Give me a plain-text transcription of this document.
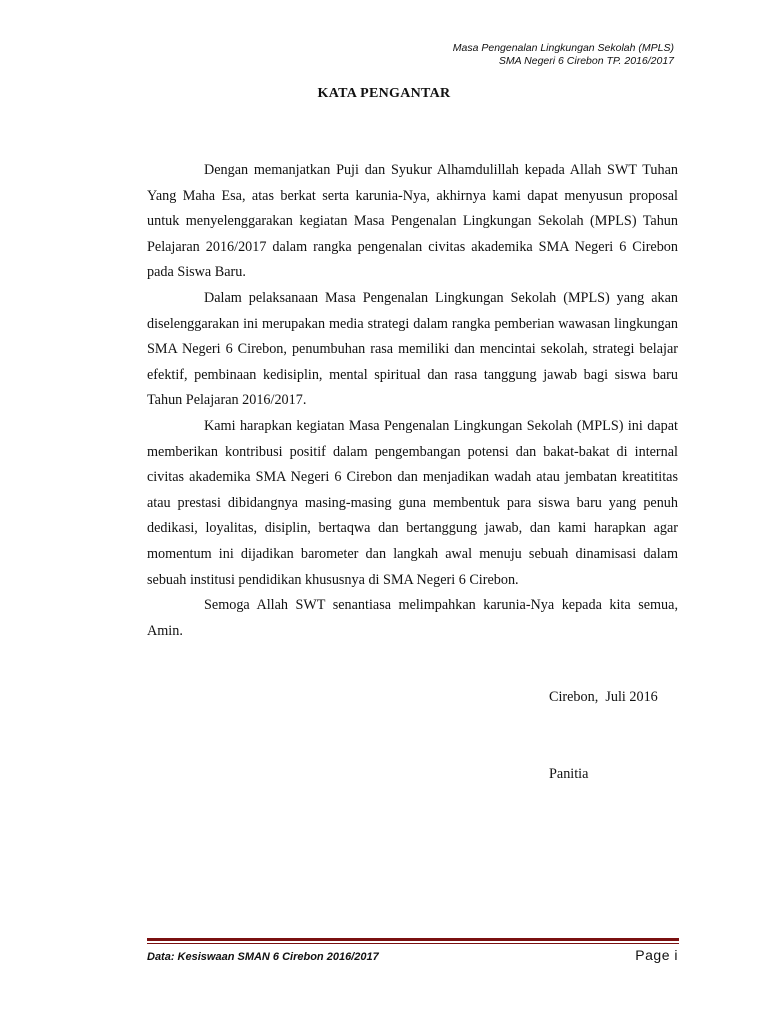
Masa Pengenalan Lingkungan Sekolah (MPLS)
SMA Negeri 6 Cirebon TP. 2016/2017
KATA PENGANTAR

Dengan memanjatkan Puji dan Syukur Alhamdulillah kepada Allah SWT Tuhan Yang Maha Esa, atas berkat serta karunia-Nya, akhirnya kami dapat menyusun proposal untuk menyelenggarakan kegiatan Masa Pengenalan Lingkungan Sekolah (MPLS) Tahun Pelajaran 2016/2017 dalam rangka pengenalan civitas akademika SMA Negeri 6 Cirebon pada Siswa Baru.

Dalam pelaksanaan Masa Pengenalan Lingkungan Sekolah (MPLS) yang akan diselenggarakan ini merupakan media strategi dalam rangka pemberian wawasan lingkungan SMA Negeri 6 Cirebon, penumbuhan rasa memiliki dan mencintai sekolah, strategi belajar efektif, pembinaan kedisiplin, mental spiritual dan rasa tanggung jawab bagi siswa baru Tahun Pelajaran 2016/2017.

Kami harapkan kegiatan Masa Pengenalan Lingkungan Sekolah (MPLS) ini dapat memberikan kontribusi positif dalam pengembangan potensi dan bakat-bakat di internal civitas akademika SMA Negeri 6 Cirebon dan menjadikan wadah atau jembatan kreatititas atau prestasi dibidangnya masing-masing guna membentuk para siswa baru yang penuh dedikasi, loyalitas, disiplin, bertaqwa dan bertanggung jawab, dan kami harapkan agar momentum ini dijadikan barometer dan langkah awal menuju sebuah dinamisasi dalam sebuah institusi pendidikan khususnya di SMA Negeri 6 Cirebon.

Semoga Allah SWT senantiasa melimpahkan karunia-Nya kepada kita semua, Amin.

Cirebon,  Juli 2016
Panitia
Data: Kesiswaan SMAN 6 Cirebon 2016/2017	Page i
